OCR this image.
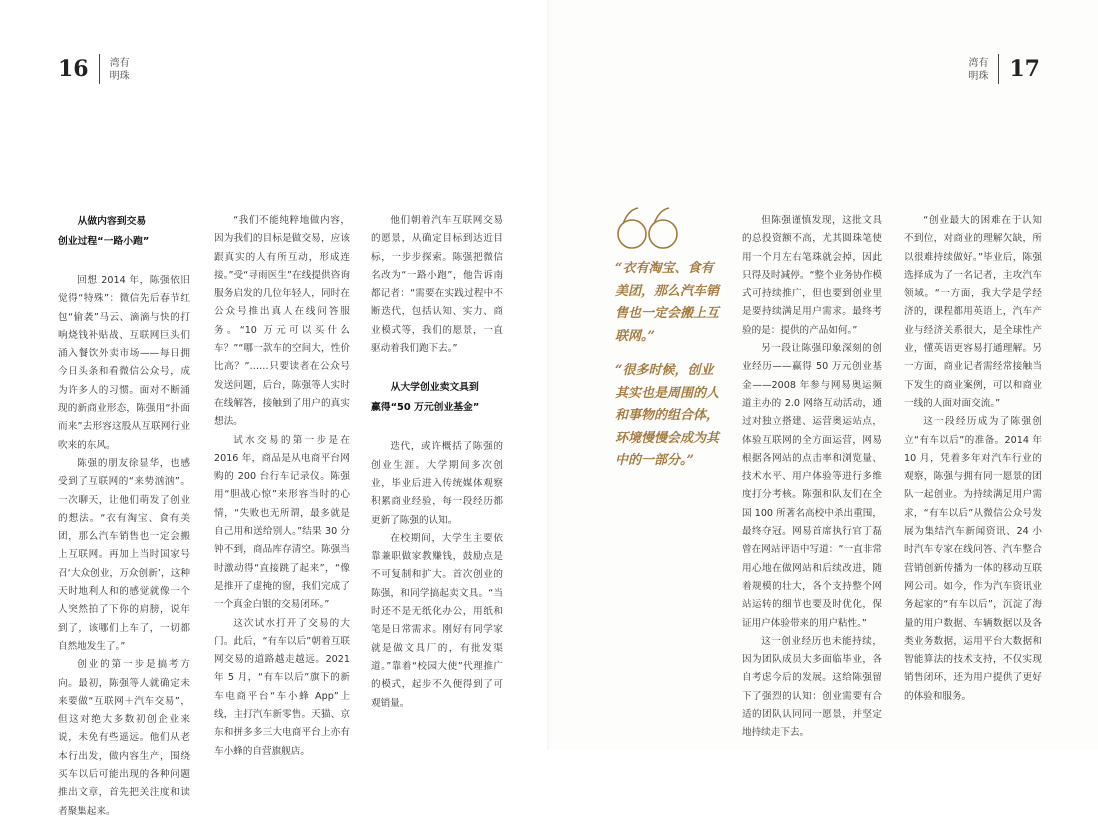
16 湾有
明珠
湾有
明珠 17

从做内容到交易
创业过程“一路小跑”

回想 2014 年，陈强依旧觉得“特殊”：微信先后春节红包“偷袭”马云、滴滴与快的打响烧钱补贴战、互联网巨头们涌入餐饮外卖市场——每日拥今日头条和看微信公众号，成为许多人的习惯。面对不断涌现的新商业形态，陈强用“扑面而来”去形容这股从互联网行业吹来的东风。

陈强的朋友徐显华，也感受到了互联网的“来势汹汹”。一次聊天，让他们萌发了创业的想法。“衣有淘宝、食有美团，那么汽车销售也一定会搬上互联网。再加上当时国家号召‘大众创业，万众创新’，这种天时地利人和的感觉就像一个人突然拍了下你的肩膀，说年到了，该哪们上车了，一切都自然地发生了。”

创业的第一步是搞考方向。最初，陈强等人就确定未来要做“互联网＋汽车交易”，但这对绝大多数初创企业来说，未免有些遥远。他们从老本行出发，做内容生产，围绕买车以后可能出现的各种问题推出文章，首先把关注度和读者聚集起来。

“我们不能纯粹地做内容，因为我们的目标是做交易，应该跟真实的人有所互动，形成连接。”受“寻雨医生”在线提供咨询服务启发的几位年轻人，同时在公众号推出真人在线问答服务。“10 万元可以买什么车？”“哪一款车的空间大，性价比高？”……只要读者在公众号发送问题，后台，陈强等人实时在线解答，接触到了用户的真实想法。

试水交易的第一步是在 2016 年，商品是从电商平台网购的 200 台行车记录仪。陈强用“胆战心惊”来形容当时的心情，“失败也无所谓，最多就是自己用和送给别人。”结果 30 分钟不到，商品库存清空。陈强当时激动得“直接跳了起来”，“像是推开了虚掩的窗，我们完成了一个真金白银的交易闭环。”

这次试水打开了交易的大门。此后，“有车以后”朝着互联网交易的道路越走越远。2021 年 5 月，“有车以后”旗下的新车电商平台“车小蜂 App”上线，主打汽车新零售。天猫、京东和拼多多三大电商平台上亦有车小蜂的自营旗舰店。

他们朝着汽车互联网交易的愿景，从确定目标到达近目标，一步步探索。陈强把微信名改为“一路小跑”，他告诉南都记者：“需要在实践过程中不断迭代，包括认知、实力、商业模式等，我们的愿景，一直驱动着我们跑下去。”

从大学创业卖文具到
赢得“50 万元创业基金”

迭代，或许概括了陈强的创业生涯。大学期间多次创业，毕业后进入传统媒体观察积累商业经验，每一段经历都更新了陈强的认知。

在校期间，大学生主要依靠兼职做家教赚钱，鼓励点是不可复制和扩大。首次创业的陈强，和同学搞起卖文具。“当时还不是无纸化办公，用纸和笔是日常需求。刚好有同学家就是做文具厂的，有批发渠道。”靠着“校园大使”代理推广的模式，起步不久便得到了可观销量。

“衣有淘宝、食有美团，那么汽车销售也一定会搬上互联网。”

“很多时候，创业其实也是周围的人和事物的组合体，环境慢慢会成为其中的一部分。”

但陈强谨慎发现，这批文具的总投资额不高，尤其圆珠笔使用一个月左右笔珠就会掉，因此只得及时减停。“整个业务协作模式可持续推广，但也要到创业里是要持续满足用户需求。最终考验的是：提供的产品如何。”

另一段让陈强印象深刻的创业经历——赢得 50 万元创业基金——2008 年参与网易奥运频道主办的 2.0 网络互动活动，通过对独立搭建、运营奥运站点，体验互联网的全方面运营，网易根据各网站的点击率和浏览量、技术水平、用户体验等进行多维度打分考核。陈强和队友们在全国 100 所著名高校中杀出重围，最终夺冠。网易首席执行官丁磊曾在网站评语中写道：“一直非常用心地在做网站和后续改进，随着规模的壮大，各个支持整个网站运转的细节也要及时优化，保证用户体验带来的用户粘性。”

这一创业经历也未能持续，因为团队成员大多面临毕业，各自考虑今后的发展。这给陈强留下了强烈的认知：创业需要有合适的团队认同同一愿景，并坚定地持续走下去。

“创业最大的困难在于认知不到位，对商业的理解欠缺，所以很难持续做好。”毕业后，陈强选择成为了一名记者，主攻汽车领域。“一方面，我大学是学经济的，课程都用英语上，汽车产业与经济关系很大，是全球性产业，懂英语更容易打通理解。另一方面，商业记者需经常接触当下发生的商业案例，可以和商业一线的人面对面交流。”

这一段经历成为了陈强创立“有车以后”的准备。2014 年 10 月，凭着多年对汽车行业的观察，陈强与拥有同一愿景的团队一起创业。为持续满足用户需求，“有车以后”从微信公众号发展为集结汽车新闻资讯、24 小时汽车专家在线问答、汽车整合营销创新传播为一体的移动互联网公司。如今，作为汽车资讯业务起家的“有车以后”，沉淀了海量的用户数据、车辆数据以及各类业务数据，运用平台大数据和智能算法的技术支持，不仅实现销售闭环，还为用户提供了更好的体验和服务。
